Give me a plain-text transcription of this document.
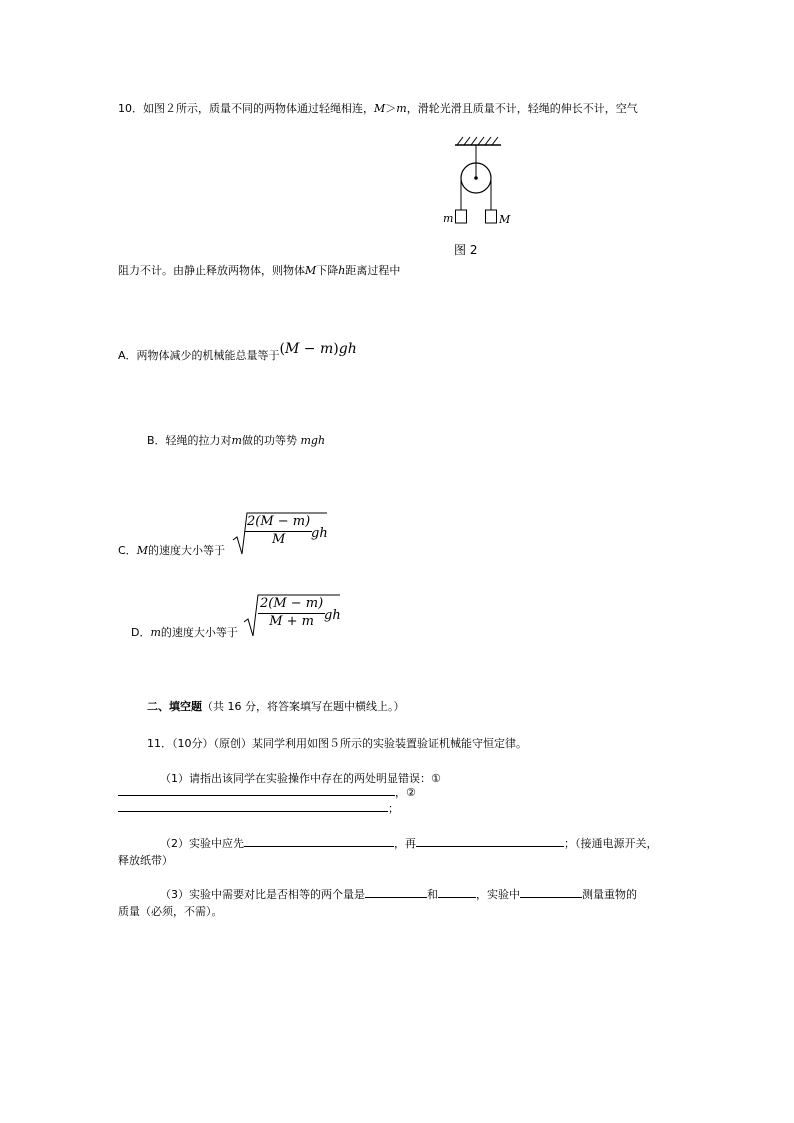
10．如图２所示，质量不同的两物体通过轻绳相连，M＞m，滑轮光滑且质量不计，轻绳的伸长不计，空气
m	M
图 2
阻力不计。由静止释放两物体，则物体M下降h距离过程中
A．两物体减少的机械能总量等于(M − m)gh
B．轻绳的拉力对m做的功等势 mgh
C．M的速度大小等于
$\frac{2(M - m)}{M}$
gh
D．m的速度大小等于
$\frac{2(M - m)}{M + m}$
gh
二、填空题（共 16 分，将答案填写在题中横线上。）
11．（10分）（原创）某同学利用如图５所示的实验装置验证机械能守恒定律。
（1）请指出该同学在实验操作中存在的两处明显错误：①
，②
；
（2）实验中应先	，再	；（接通电源开关，
释放纸带）
（3）实验中需要对比是否相等的两个量是	和	，实验中	测量重物的
质量（必须，不需）。
